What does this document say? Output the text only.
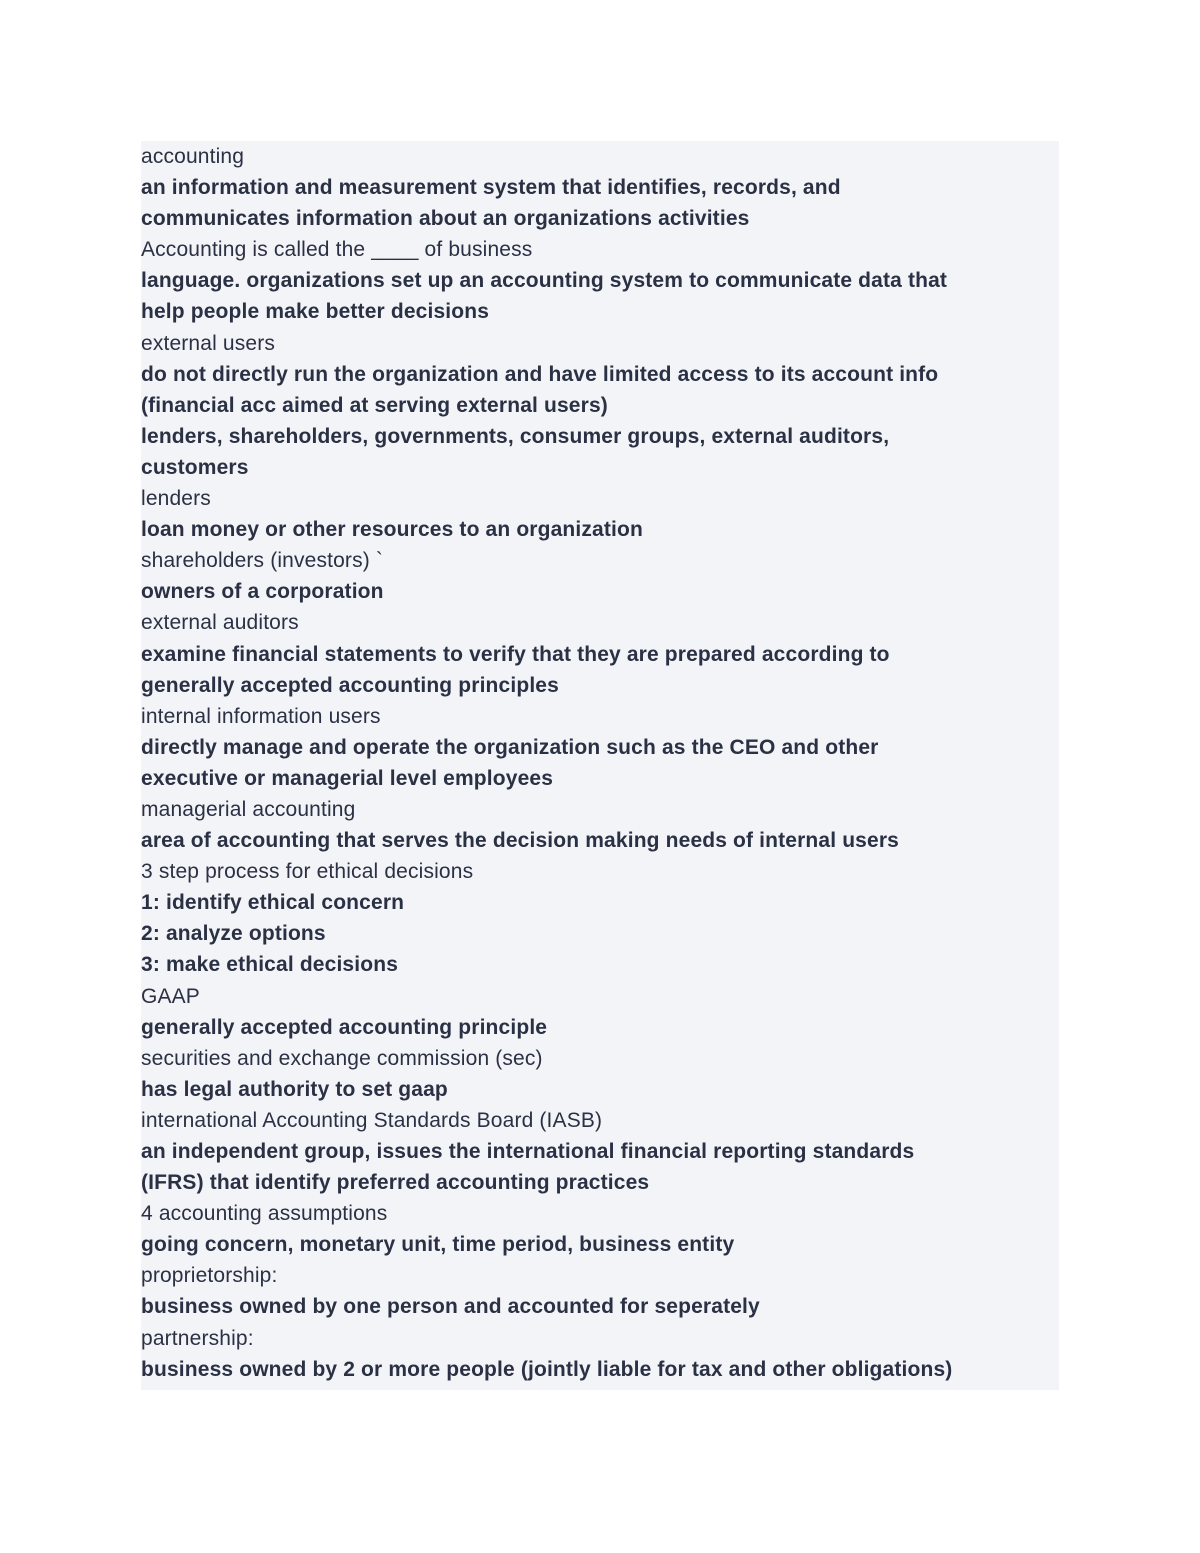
accounting
an information and measurement system that identifies, records, and
communicates information about an organizations activities
Accounting is called the ____ of business
language. organizations set up an accounting system to communicate data that
help people make better decisions
external users
do not directly run the organization and have limited access to its account info
(financial acc aimed at serving external users)
lenders, shareholders, governments, consumer groups, external auditors,
customers
lenders
loan money or other resources to an organization
shareholders (investors) `
owners of a corporation
external auditors
examine financial statements to verify that they are prepared according to
generally accepted accounting principles
internal information users
directly manage and operate the organization such as the CEO and other
executive or managerial level employees
managerial accounting
area of accounting that serves the decision making needs of internal users
3 step process for ethical decisions
1: identify ethical concern
2: analyze options
3: make ethical decisions
GAAP
generally accepted accounting principle
securities and exchange commission (sec)
has legal authority to set gaap
international Accounting Standards Board (IASB)
an independent group, issues the international financial reporting standards
(IFRS) that identify preferred accounting practices
4 accounting assumptions
going concern, monetary unit, time period, business entity
proprietorship:
business owned by one person and accounted for seperately
partnership:
business owned by 2 or more people (jointly liable for tax and other obligations)
